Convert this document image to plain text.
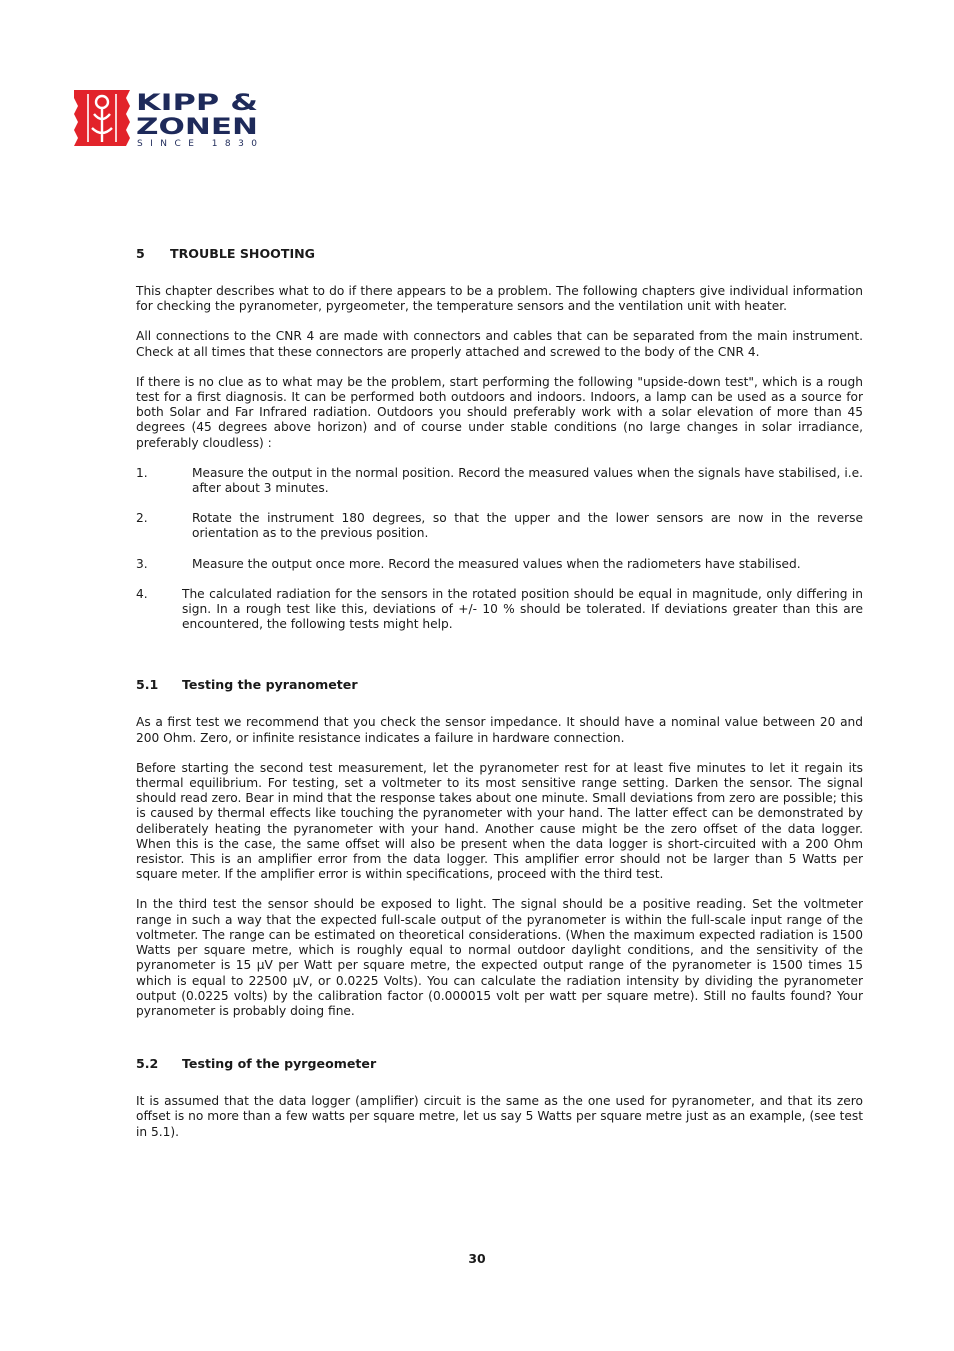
KIPP &
ZONEN
SINCE 1830
5 TROUBLE SHOOTING

This chapter describes what to do if there appears to be a problem. The following chapters give individual information for checking the pyranometer, pyrgeometer, the temperature sensors and the ventilation unit with heater.

All connections to the CNR 4 are made with connectors and cables that can be separated from the main instrument. Check at all times that these connectors are properly attached and screwed to the body of the CNR 4.

If there is no clue as to what may be the problem, start performing the following "upside-down test", which is a rough test for a first diagnosis. It can be performed both outdoors and indoors. Indoors, a lamp can be used as a source for both Solar and Far Infrared radiation. Outdoors you should preferably work with a solar elevation of more than 45 degrees (45 degrees above horizon) and of course under stable conditions (no large changes in solar irradiance, preferably cloudless) :

1.	Measure the output in the normal position. Record the measured values when the signals have stabilised, i.e. after about 3 minutes.
2.	Rotate the instrument 180 degrees, so that the upper and the lower sensors are now in the reverse orientation as to the previous position.
3.	Measure the output once more. Record the measured values when the radiometers have stabilised.
4.	The calculated radiation for the sensors in the rotated position should be equal in magnitude, only differing in sign. In a rough test like this, deviations of +/- 10 % should be tolerated. If deviations greater than this are encountered, the following tests might help.
5.1 Testing the pyranometer

As a first test we recommend that you check the sensor impedance. It should have a nominal value between 20 and 200 Ohm. Zero, or infinite resistance indicates a failure in hardware connection.

Before starting the second test measurement, let the pyranometer rest for at least five minutes to let it regain its thermal equilibrium. For testing, set a voltmeter to its most sensitive range setting. Darken the sensor. The signal should read zero. Bear in mind that the response takes about one minute. Small deviations from zero are possible; this is caused by thermal effects like touching the pyranometer with your hand. The latter effect can be demonstrated by deliberately heating the pyranometer with your hand. Another cause might be the zero offset of the data logger. When this is the case, the same offset will also be present when the data logger is short-circuited with a 200 Ohm resistor. This is an amplifier error from the data logger. This amplifier error should not be larger than 5 Watts per square meter. If the amplifier error is within specifications, proceed with the third test.

In the third test the sensor should be exposed to light. The signal should be a positive reading. Set the voltmeter range in such a way that the expected full-scale output of the pyranometer is within the full-scale input range of the voltmeter. The range can be estimated on theoretical considerations. (When the maximum expected radiation is 1500 Watts per square metre, which is roughly equal to normal outdoor daylight conditions, and the sensitivity of the pyranometer is 15 µV per Watt per square metre, the expected output range of the pyranometer is 1500 times 15 which is equal to 22500 µV, or 0.0225 Volts). You can calculate the radiation intensity by dividing the pyranometer output (0.0225 volts) by the calibration factor (0.000015 volt per watt per square metre). Still no faults found? Your pyranometer is probably doing fine.

5.2 Testing of the pyrgeometer

It is assumed that the data logger (amplifier) circuit is the same as the one used for pyranometer, and that its zero offset is no more than a few watts per square metre, let us say 5 Watts per square metre just as an example, (see test in 5.1).

30
